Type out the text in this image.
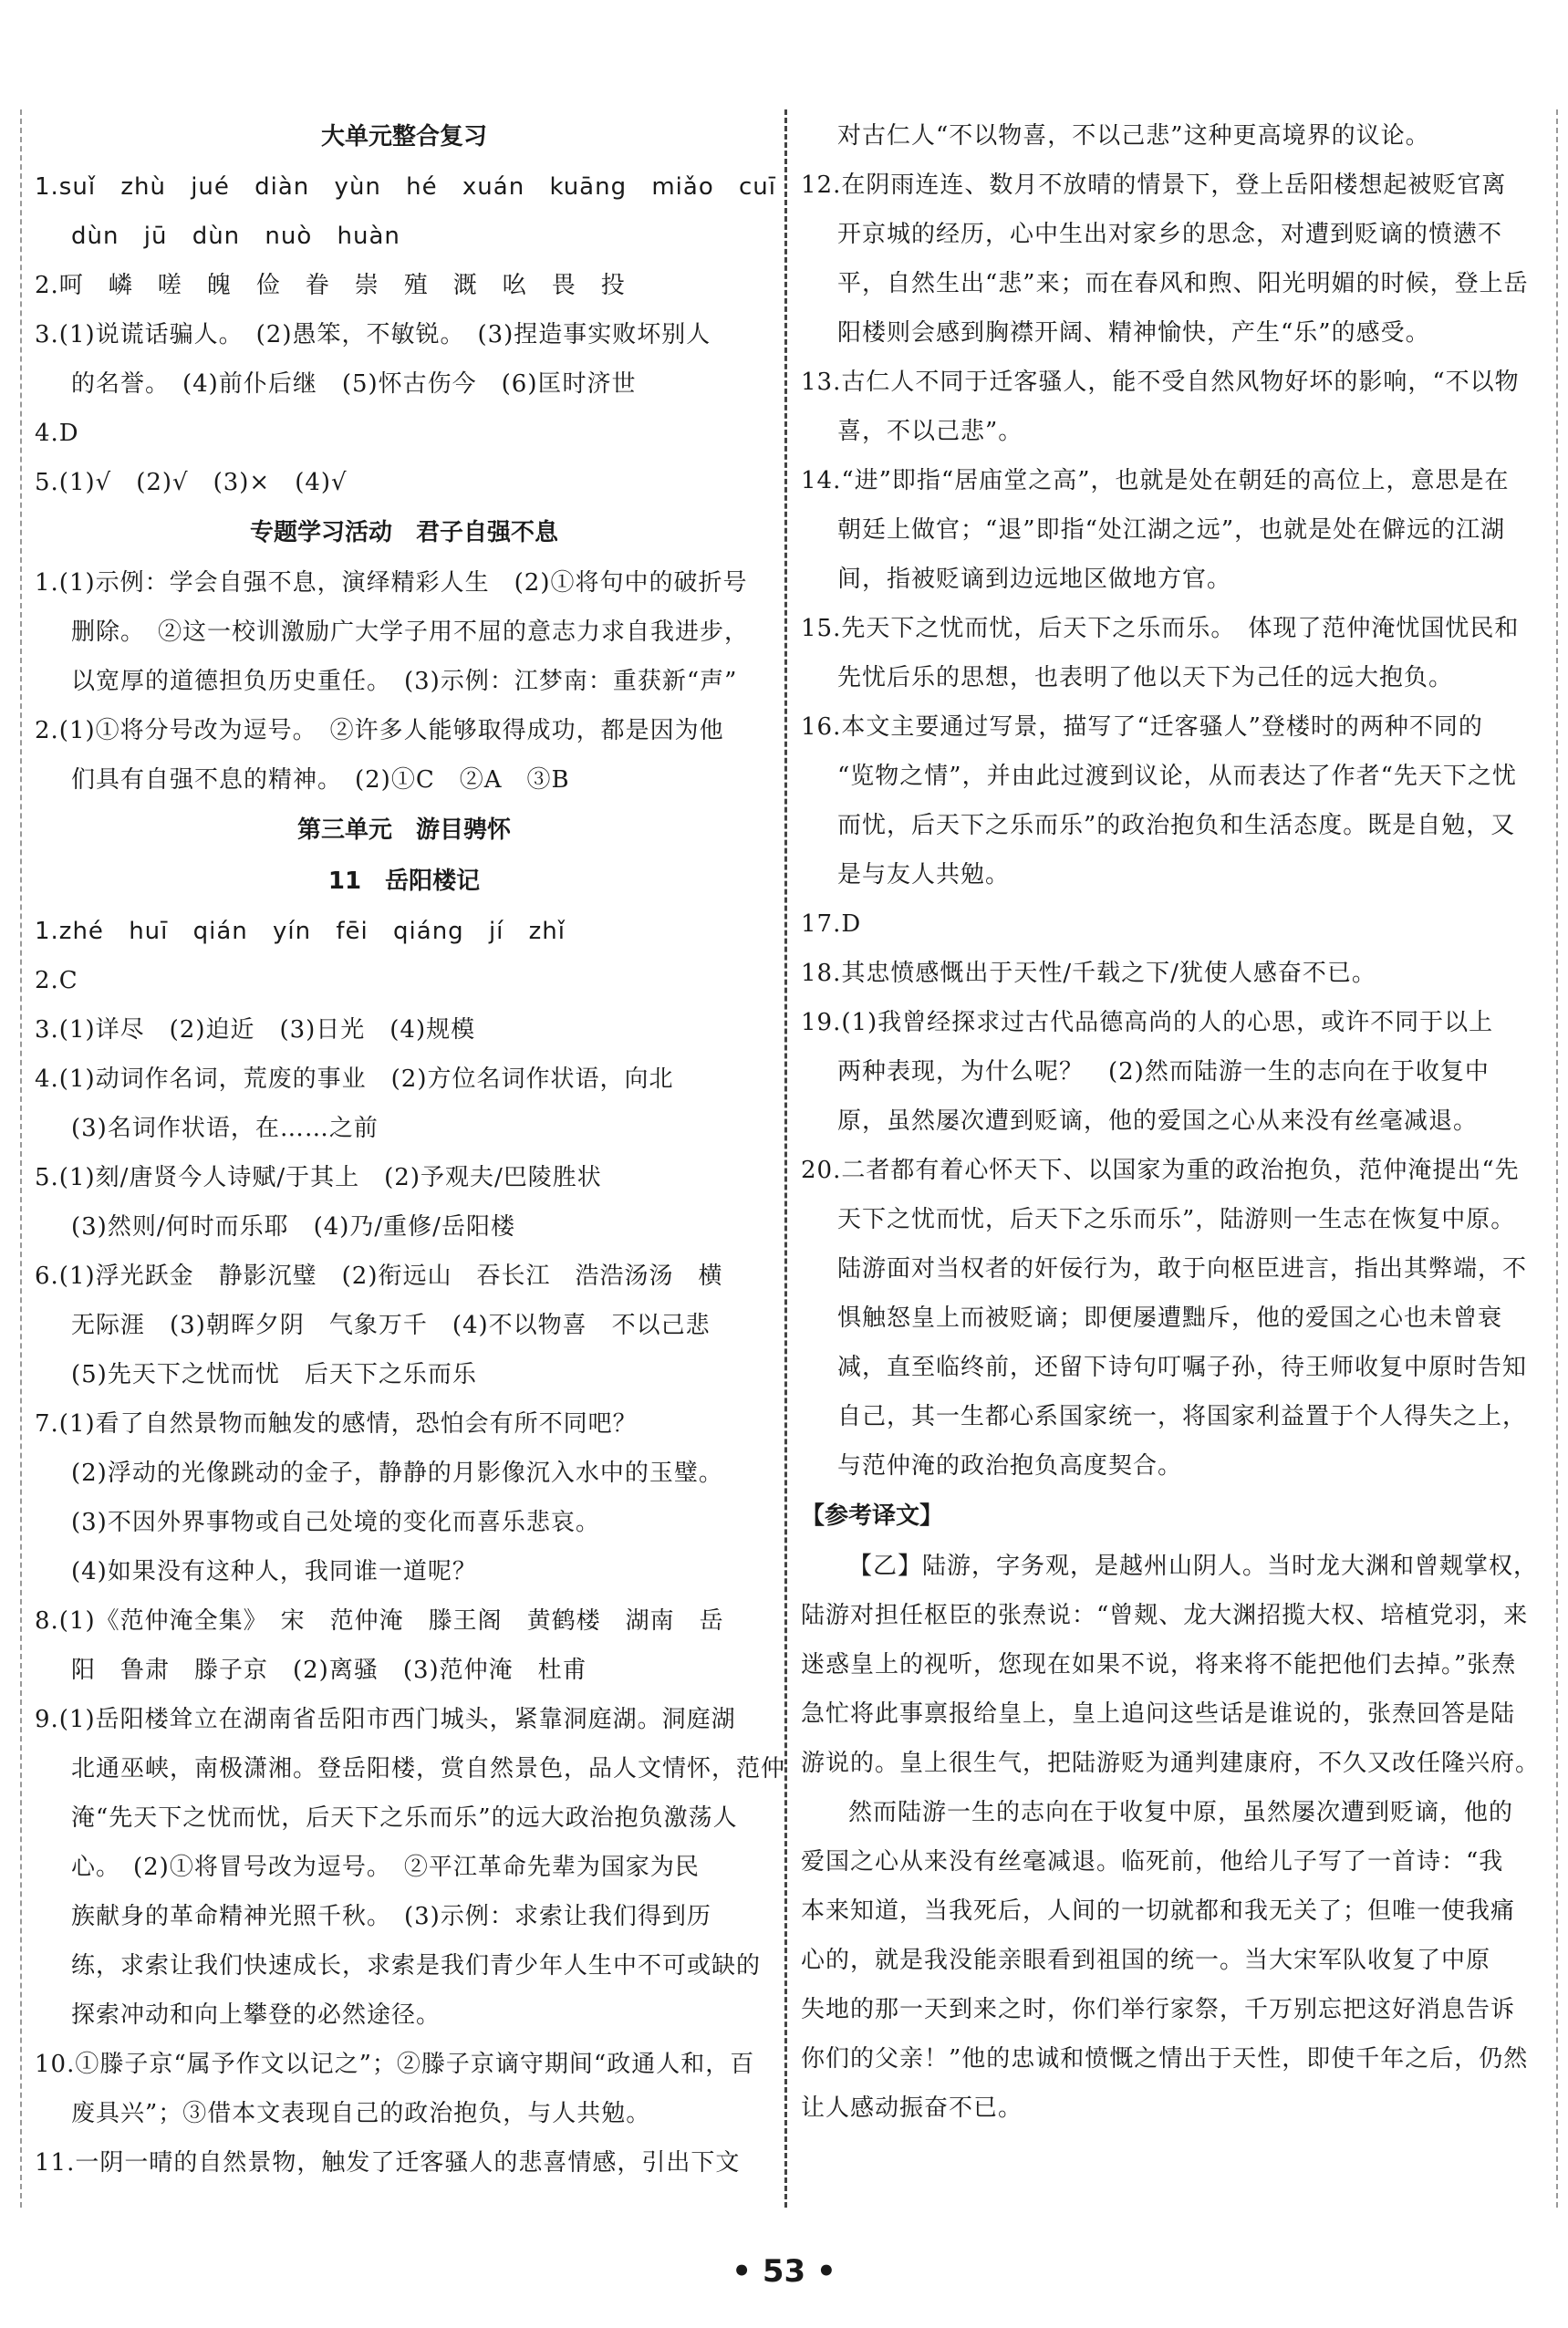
大单元整合复习
1.suǐ zhù jué diàn yùn hé xuán kuāng miǎo cuī
dùn jū dùn nuò huàn
2.呵　嶙　嗟　魄　俭　眷　崇　殖　溉　吆　畏　投
3.(1)说谎话骗人。　(2)愚笨，不敏锐。　(3)捏造事实败坏别人
的名誉。　(4)前仆后继　(5)怀古伤今　(6)匡时济世
4.D
5.(1)√　(2)√　(3)×　(4)√
专题学习活动　君子自强不息
1.(1)示例：学会自强不息，演绎精彩人生　(2)①将句中的破折号
删除。　②这一校训激励广大学子用不屈的意志力求自我进步，
以宽厚的道德担负历史重任。　(3)示例：江梦南：重获新“声”
2.(1)①将分号改为逗号。　②许多人能够取得成功，都是因为他
们具有自强不息的精神。　(2)①C　②A　③B
第三单元　游目骋怀
11　岳阳楼记
1.zhé huī qián yín fēi qiáng jí zhǐ
2.C
3.(1)详尽　(2)迫近　(3)日光　(4)规模
4.(1)动词作名词，荒废的事业　(2)方位名词作状语，向北
(3)名词作状语，在……之前
5.(1)刻/唐贤今人诗赋/于其上　(2)予观夫/巴陵胜状
(3)然则/何时而乐耶　(4)乃/重修/岳阳楼
6.(1)浮光跃金　静影沉璧　(2)衔远山　吞长江　浩浩汤汤　横
无际涯　(3)朝晖夕阴　气象万千　(4)不以物喜　不以己悲
(5)先天下之忧而忧　后天下之乐而乐
7.(1)看了自然景物而触发的感情，恐怕会有所不同吧？
(2)浮动的光像跳动的金子，静静的月影像沉入水中的玉璧。
(3)不因外界事物或自己处境的变化而喜乐悲哀。
(4)如果没有这种人，我同谁一道呢？
8.(1)《范仲淹全集》　宋　范仲淹　滕王阁　黄鹤楼　湖南　岳
阳　鲁肃　滕子京　(2)离骚　(3)范仲淹　杜甫
9.(1)岳阳楼耸立在湖南省岳阳市西门城头，紧靠洞庭湖。洞庭湖
北通巫峡，南极潇湘。登岳阳楼，赏自然景色，品人文情怀，范仲
淹“先天下之忧而忧，后天下之乐而乐”的远大政治抱负激荡人
心。　(2)①将冒号改为逗号。　②平江革命先辈为国家为民
族献身的革命精神光照千秋。　(3)示例：求索让我们得到历
练，求索让我们快速成长，求索是我们青少年人生中不可或缺的
探索冲动和向上攀登的必然途径。
10.①滕子京“属予作文以记之”；②滕子京谪守期间“政通人和，百
废具兴”；③借本文表现自己的政治抱负，与人共勉。
11.一阴一晴的自然景物，触发了迁客骚人的悲喜情感，引出下文
对古仁人“不以物喜，不以己悲”这种更高境界的议论。
12.在阴雨连连、数月不放晴的情景下，登上岳阳楼想起被贬官离
开京城的经历，心中生出对家乡的思念，对遭到贬谪的愤懑不
平，自然生出“悲”来；而在春风和煦、阳光明媚的时候，登上岳
阳楼则会感到胸襟开阔、精神愉快，产生“乐”的感受。
13.古仁人不同于迁客骚人，能不受自然风物好坏的影响，“不以物
喜，不以己悲”。
14.“进”即指“居庙堂之高”，也就是处在朝廷的高位上，意思是在
朝廷上做官；“退”即指“处江湖之远”，也就是处在僻远的江湖
间，指被贬谪到边远地区做地方官。
15.先天下之忧而忧，后天下之乐而乐。　体现了范仲淹忧国忧民和
先忧后乐的思想，也表明了他以天下为己任的远大抱负。
16.本文主要通过写景，描写了“迁客骚人”登楼时的两种不同的
“览物之情”，并由此过渡到议论，从而表达了作者“先天下之忧
而忧，后天下之乐而乐”的政治抱负和生活态度。既是自勉，又
是与友人共勉。
17.D
18.其忠愤感慨出于天性/千载之下/犹使人感奋不已。
19.(1)我曾经探求过古代品德高尚的人的心思，或许不同于以上
两种表现，为什么呢？　(2)然而陆游一生的志向在于收复中
原，虽然屡次遭到贬谪，他的爱国之心从来没有丝毫减退。
20.二者都有着心怀天下、以国家为重的政治抱负，范仲淹提出“先
天下之忧而忧，后天下之乐而乐”，陆游则一生志在恢复中原。
陆游面对当权者的奸佞行为，敢于向枢臣进言，指出其弊端，不
惧触怒皇上而被贬谪；即便屡遭黜斥，他的爱国之心也未曾衰
减，直至临终前，还留下诗句叮嘱子孙，待王师收复中原时告知
自己，其一生都心系国家统一，将国家利益置于个人得失之上，
与范仲淹的政治抱负高度契合。
【参考译文】
【乙】陆游，字务观，是越州山阴人。当时龙大渊和曾觌掌权，
陆游对担任枢臣的张焘说：“曾觌、龙大渊招揽大权、培植党羽，来
迷惑皇上的视听，您现在如果不说，将来将不能把他们去掉。”张焘
急忙将此事禀报给皇上，皇上追问这些话是谁说的，张焘回答是陆
游说的。皇上很生气，把陆游贬为通判建康府，不久又改任隆兴府。
然而陆游一生的志向在于收复中原，虽然屡次遭到贬谪，他的
爱国之心从来没有丝毫减退。临死前，他给儿子写了一首诗：“我
本来知道，当我死后，人间的一切就都和我无关了；但唯一使我痛
心的，就是我没能亲眼看到祖国的统一。当大宋军队收复了中原
失地的那一天到来之时，你们举行家祭，千万别忘把这好消息告诉
你们的父亲！”他的忠诚和愤慨之情出于天性，即使千年之后，仍然
让人感动振奋不已。
• 53 •
